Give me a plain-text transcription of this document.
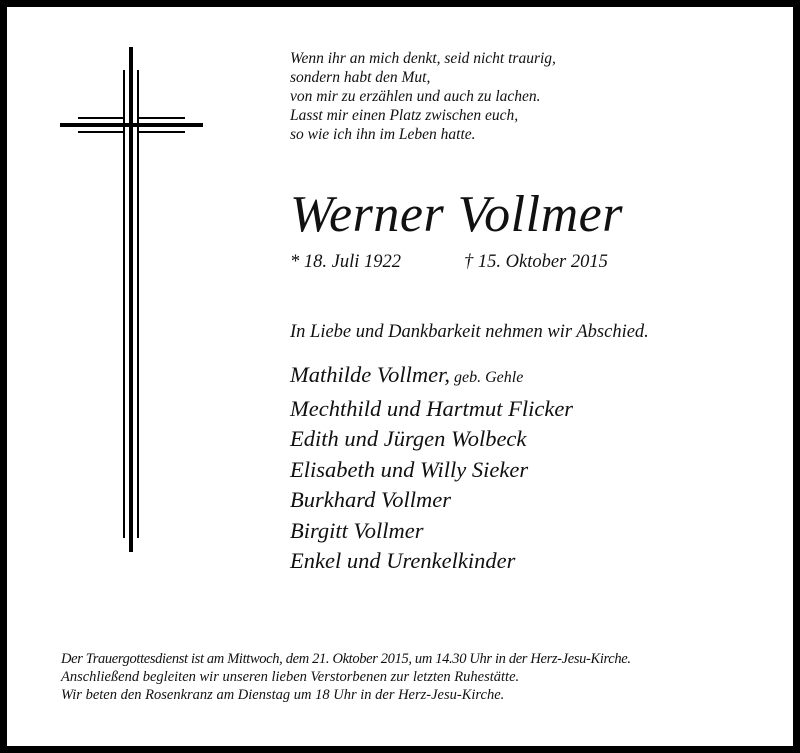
Wenn ihr an mich denkt, seid nicht traurig,
sondern habt den Mut,
von mir zu erzählen und auch zu lachen.
Lasst mir einen Platz zwischen euch,
so wie ich ihn im Leben hatte.
Werner Vollmer
* 18. Juli 1922	† 15. Oktober 2015
In Liebe und Dankbarkeit nehmen wir Abschied.
Mathilde Vollmer, geb. Gehle
Mechthild und Hartmut Flicker
Edith und Jürgen Wolbeck
Elisabeth und Willy Sieker
Burkhard Vollmer
Birgitt Vollmer
Enkel und Urenkelkinder
Der Trauergottesdienst ist am Mittwoch, dem 21. Oktober 2015, um 14.30 Uhr in der Herz-Jesu-Kirche.
Anschließend begleiten wir unseren lieben Verstorbenen zur letzten Ruhestätte.
Wir beten den Rosenkranz am Dienstag um 18 Uhr in der Herz-Jesu-Kirche.
